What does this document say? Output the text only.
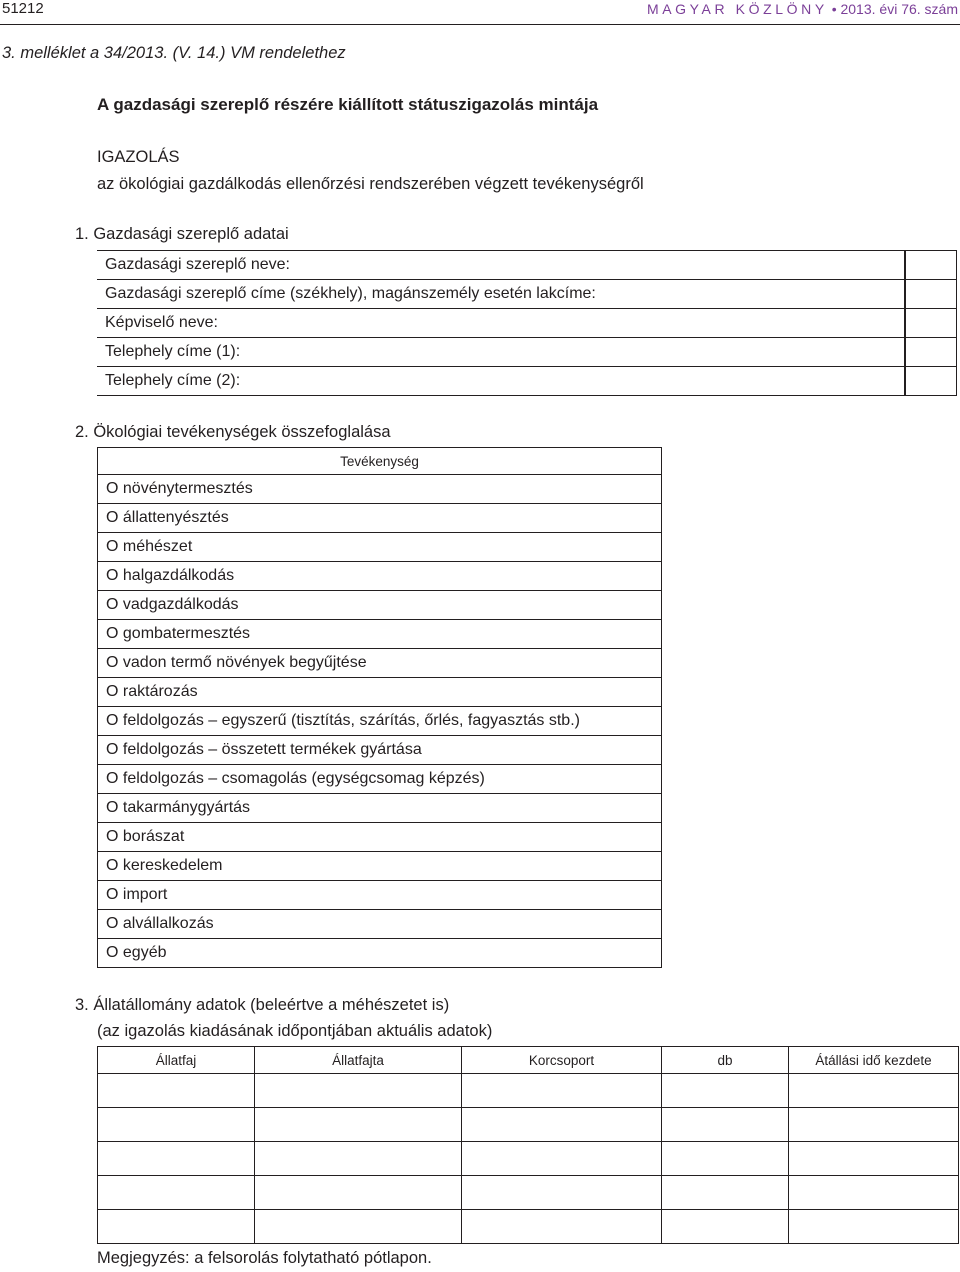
51212	MAGYAR KÖZLÖNY • 2013. évi 76. szám
3. melléklet a 34/2013. (V. 14.) VM rendelethez
A gazdasági szereplő részére kiállított státuszigazolás mintája
IGAZOLÁS
az ökológiai gazdálkodás ellenőrzési rendszerében végzett tevékenységről
1. Gazdasági szereplő adatai
Gazdasági szereplő neve:	
Gazdasági szereplő címe (székhely), magánszemély esetén lakcíme:	
Képviselő neve:	
Telephely címe (1):	
Telephely címe (2):	
2. Ökológiai tevékenységek összefoglalása
Tevékenység
O növénytermesztés
O állattenyésztés
O méhészet
O halgazdálkodás
O vadgazdálkodás
O gombatermesztés
O vadon termő növények begyűjtése
O raktározás
O feldolgozás – egyszerű (tisztítás, szárítás, őrlés, fagyasztás stb.)
O feldolgozás – összetett termékek gyártása
O feldolgozás – csomagolás (egységcsomag képzés)
O takarmánygyártás
O borászat
O kereskedelem
O import
O alvállalkozás
O egyéb
3. Állatállomány adatok (beleértve a méhészetet is)
(az igazolás kiadásának időpontjában aktuális adatok)
Állatfaj	Állatfajta	Korcsoport	db	Átállási idő kezdete

Megjegyzés: a felsorolás folytatható pótlapon.
